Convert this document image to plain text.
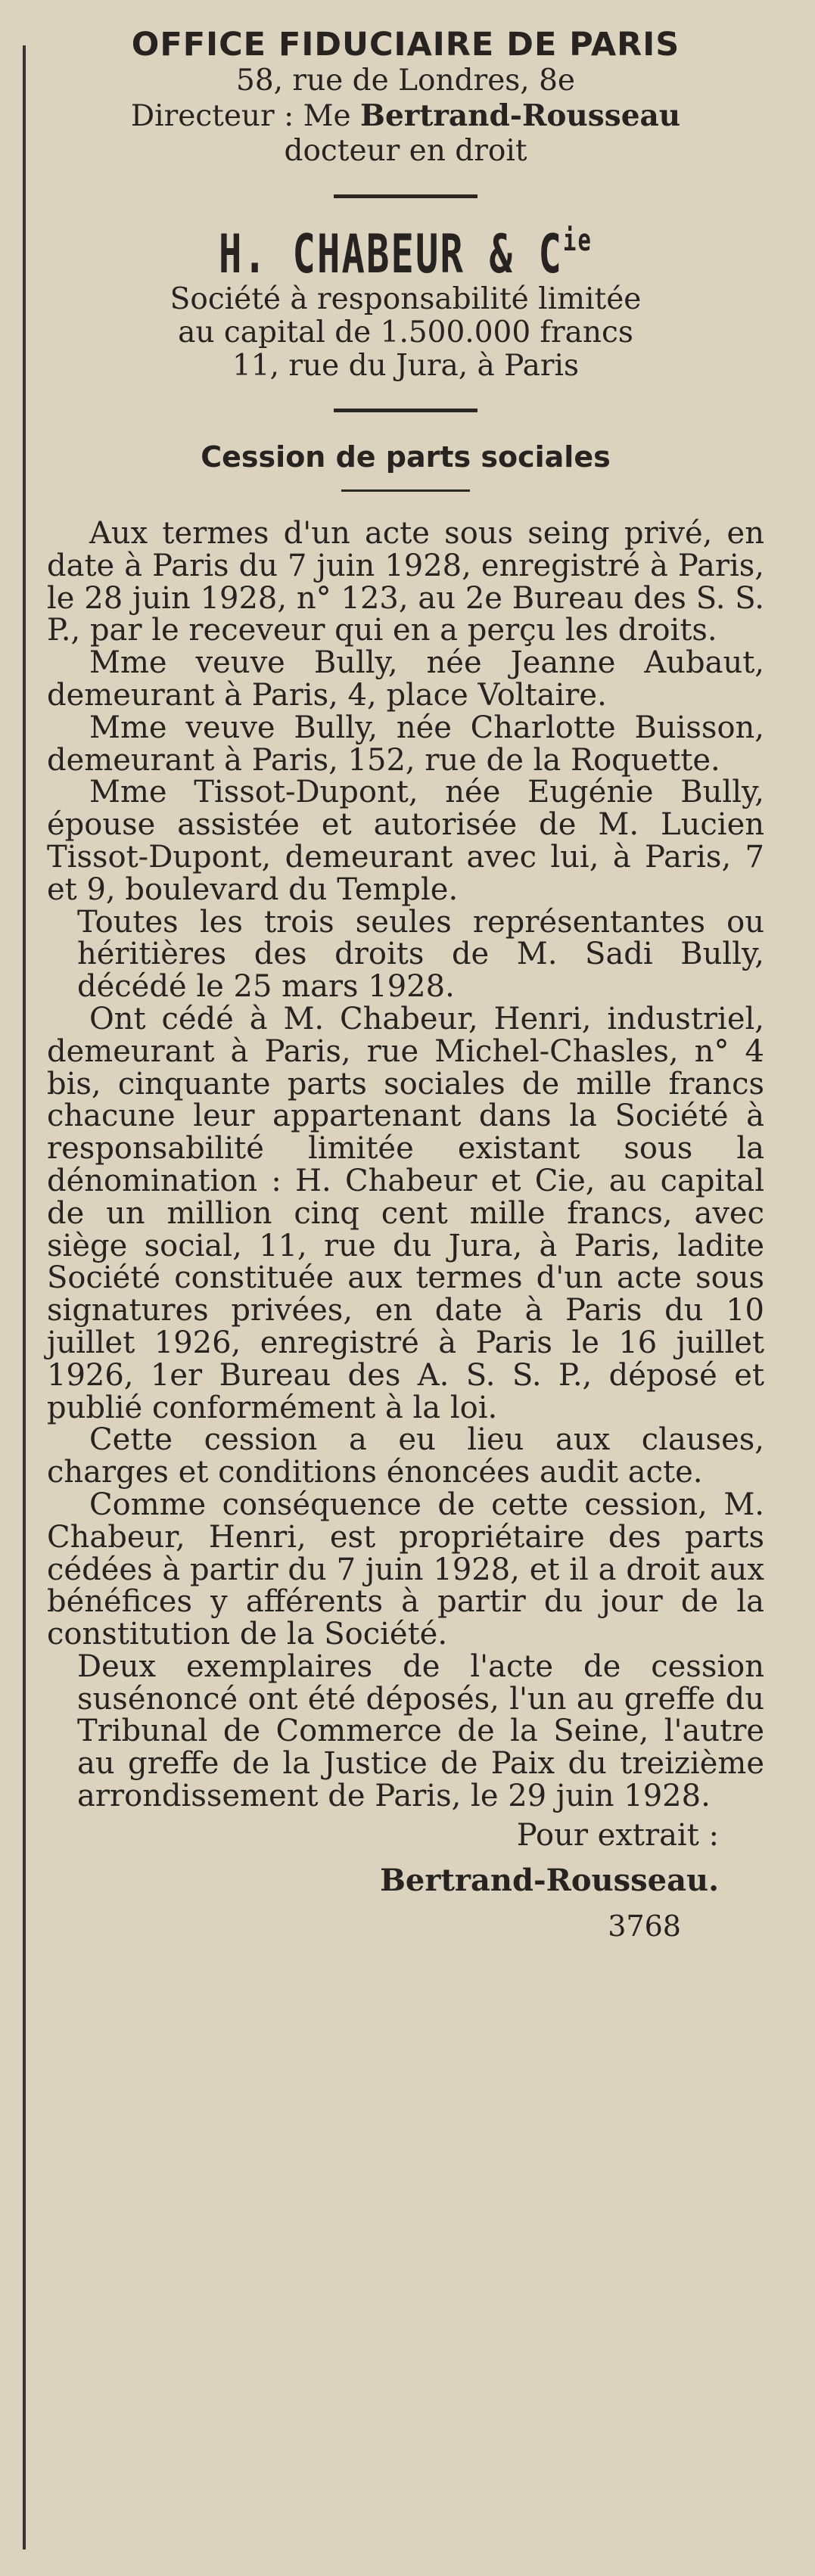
OFFICE FIDUCIAIRE DE PARIS
58, rue de Londres, 8e
Directeur : Me Bertrand-Rousseau
docteur en droit
H. CHABEUR & $C^{ie}$
Société à responsabilité limitée
au capital de 1.500.000 francs
11, rue du Jura, à Paris
Cession de parts sociales

Aux termes d'un acte sous seing privé, en date à Paris du 7 juin 1928, enregistré à Paris, le 28 juin 1928, n° 123, au 2e Bureau des S. S. P., par le receveur qui en a perçu les droits.

Mme veuve Bully, née Jeanne Aubaut, demeurant à Paris, 4, place Voltaire.

Mme veuve Bully, née Charlotte Buisson, demeurant à Paris, 152, rue de la Roquette.

Mme Tissot-Dupont, née Eugénie Bully, épouse assistée et autorisée de M. Lucien Tissot-Dupont, demeurant avec lui, à Paris, 7 et 9, boulevard du Temple.

Toutes les trois seules représentantes ou héritières des droits de M. Sadi Bully, décédé le 25 mars 1928.

Ont cédé à M. Chabeur, Henri, industriel, demeurant à Paris, rue Michel-Chasles, n° 4 bis, cinquante parts sociales de mille francs chacune leur appartenant dans la Société à responsabilité limitée existant sous la dénomination : H. Chabeur et Cie, au capital de un million cinq cent mille francs, avec siège social, 11, rue du Jura, à Paris, ladite Société constituée aux termes d'un acte sous signatures privées, en date à Paris du 10 juillet 1926, enregistré à Paris le 16 juillet 1926, 1er Bureau des A. S. S. P., déposé et publié conformément à la loi.

Cette cession a eu lieu aux clauses, charges et conditions énoncées audit acte.

Comme conséquence de cette cession, M. Chabeur, Henri, est propriétaire des parts cédées à partir du 7 juin 1928, et il a droit aux bénéfices y afférents à partir du jour de la constitution de la Société.

Deux exemplaires de l'acte de cession susénoncé ont été déposés, l'un au greffe du Tribunal de Commerce de la Seine, l'autre au greffe de la Justice de Paix du treizième arrondissement de Paris, le 29 juin 1928.

Pour extrait :
Bertrand-Rousseau.
3768
